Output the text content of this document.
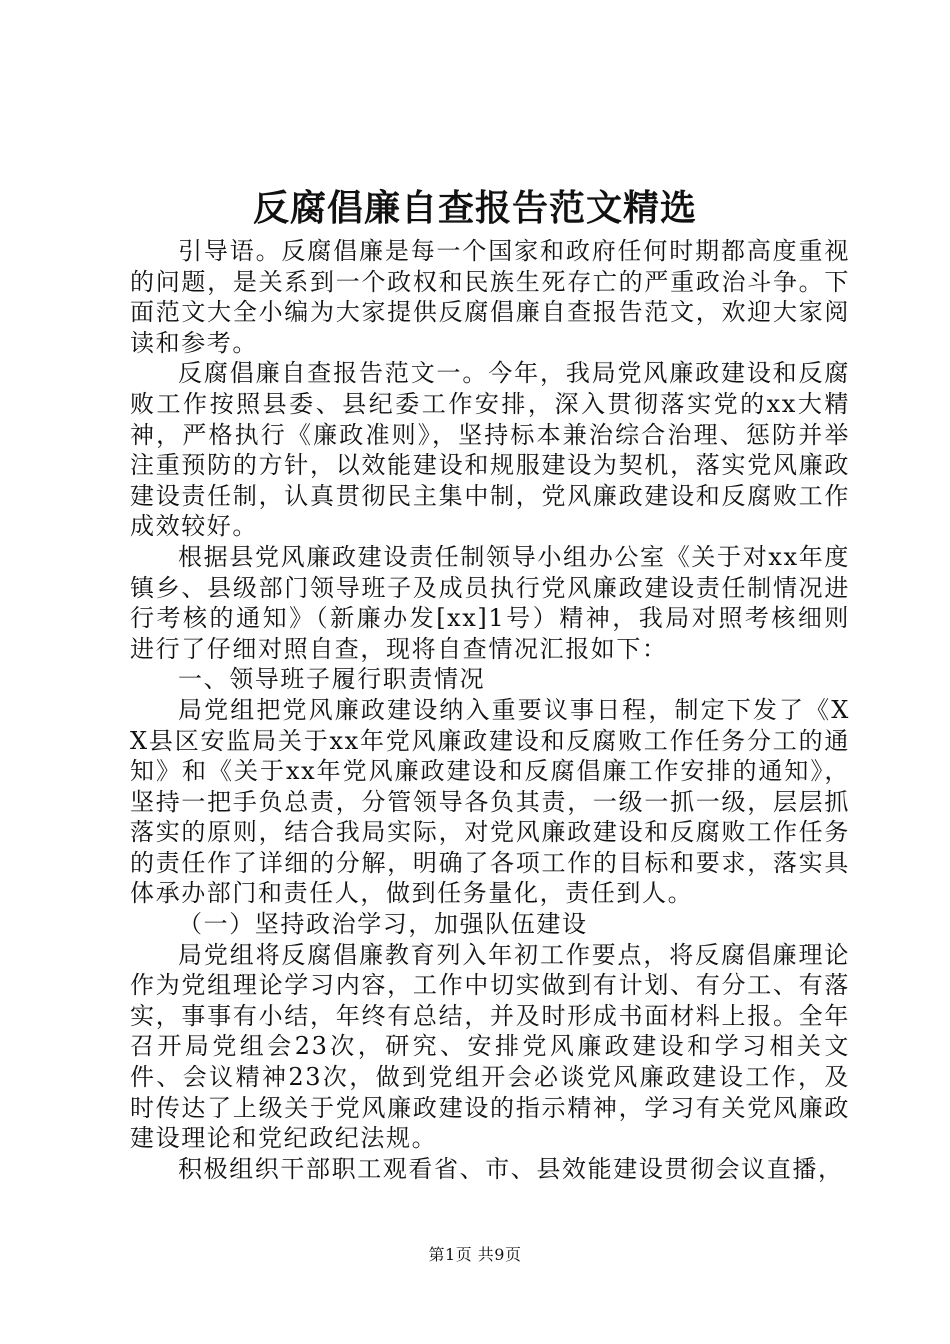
反腐倡廉自查报告范文精选

引导语。反腐倡廉是每一个国家和政府任何时期都高度重视的问题，是关系到一个政权和民族生死存亡的严重政治斗争。下面范文大全小编为大家提供反腐倡廉自查报告范文，欢迎大家阅读和参考。

反腐倡廉自查报告范文一。今年，我局党风廉政建设和反腐败工作按照县委、县纪委工作安排，深入贯彻落实党的xx大精神，严格执行《廉政准则》，坚持标本兼治综合治理、惩防并举注重预防的方针，以效能建设和规服建设为契机，落实党风廉政建设责任制，认真贯彻民主集中制，党风廉政建设和反腐败工作成效较好。

根据县党风廉政建设责任制领导小组办公室《关于对xx年度镇乡、县级部门领导班子及成员执行党风廉政建设责任制情况进行考核的通知》（新廉办发[xx]1号）精神，我局对照考核细则进行了仔细对照自查，现将自查情况汇报如下：

一、领导班子履行职责情况

局党组把党风廉政建设纳入重要议事日程，制定下发了《XX县区安监局关于xx年党风廉政建设和反腐败工作任务分工的通知》和《关于xx年党风廉政建设和反腐倡廉工作安排的通知》，坚持一把手负总责，分管领导各负其责，一级一抓一级，层层抓落实的原则，结合我局实际，对党风廉政建设和反腐败工作任务的责任作了详细的分解，明确了各项工作的目标和要求，落实具体承办部门和责任人，做到任务量化，责任到人。

（一）坚持政治学习，加强队伍建设

局党组将反腐倡廉教育列入年初工作要点，将反腐倡廉理论作为党组理论学习内容，工作中切实做到有计划、有分工、有落实，事事有小结，年终有总结，并及时形成书面材料上报。全年召开局党组会23次，研究、安排党风廉政建设和学习相关文件、会议精神23次，做到党组开会必谈党风廉政建设工作，及时传达了上级关于党风廉政建设的指示精神，学习有关党风廉政建设理论和党纪政纪法规。

积极组织干部职工观看省、市、县效能建设贯彻会议直播，

第1页 共9页
